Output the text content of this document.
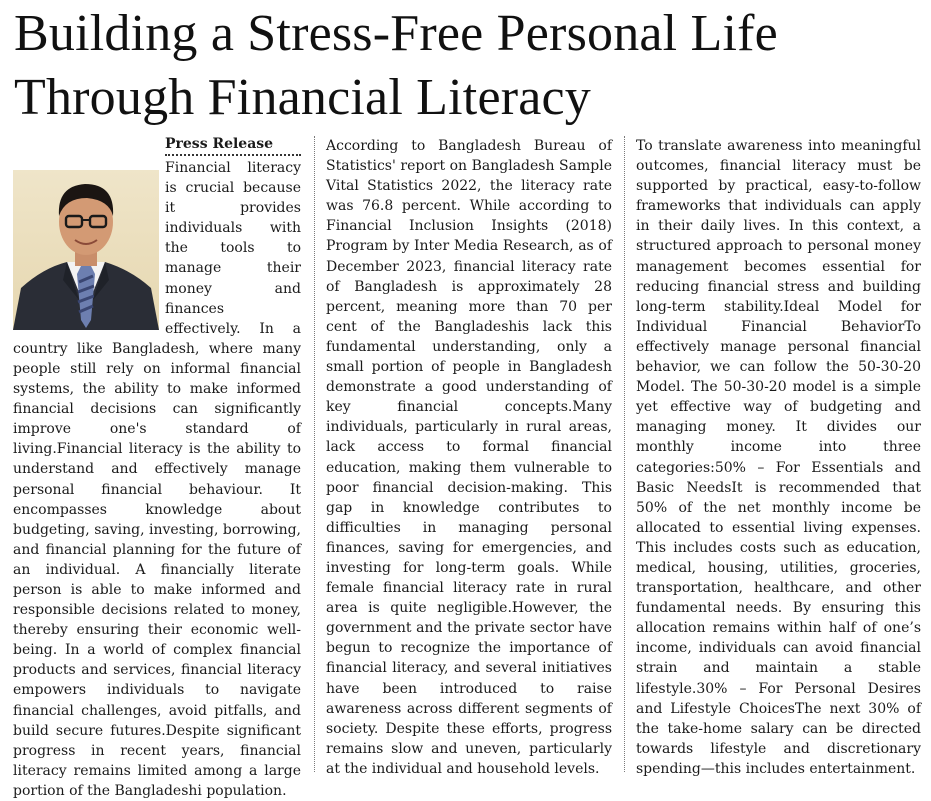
Building a Stress-Free Personal Life Through Financial Literacy
Press Release

Financial literacy is crucial because it provides individuals with the tools to manage their money and finances effectively. In a country like Bangladesh, where many people still rely on informal financial systems, the ability to make informed financial decisions can significantly improve one's standard of living.Financial literacy is the ability to understand and effectively manage personal financial behaviour. It encompasses knowledge about budgeting, saving, investing, borrowing, and financial planning for the future of an individual. A financially literate person is able to make informed and responsible decisions related to money, thereby ensuring their economic well-being. In a world of complex financial products and services, financial literacy empowers individuals to navigate financial challenges, avoid pitfalls, and build secure futures.Despite significant progress in recent years, financial literacy remains limited among a large portion of the Bangladeshi population.

According to Bangladesh Bureau of Statistics' report on Bangladesh Sample Vital Statistics 2022, the literacy rate was 76.8 percent. While according to Financial Inclusion Insights (2018) Program by Inter Media Research, as of December 2023, financial literacy rate of Bangladesh is approximately 28 percent, meaning more than 70 per cent of the Bangladeshis lack this fundamental understanding, only a small portion of people in Bangladesh demonstrate a good understanding of key financial concepts.Many individuals, particularly in rural areas, lack access to formal financial education, making them vulnerable to poor financial decision-making. This gap in knowledge contributes to difficulties in managing personal finances, saving for emergencies, and investing for long-term goals. While female financial literacy rate in rural area is quite negligible.However, the government and the private sector have begun to recognize the importance of financial literacy, and several initiatives have been introduced to raise awareness across different segments of society. Despite these efforts, progress remains slow and uneven, particularly at the individual and household levels.

To translate awareness into meaningful outcomes, financial literacy must be supported by practical, easy-to-follow frameworks that individuals can apply in their daily lives. In this context, a structured approach to personal money management becomes essential for reducing financial stress and building long-term stability.Ideal Model for Individual Financial BehaviorTo effectively manage personal financial behavior, we can follow the 50-30-20 Model. The 50-30-20 model is a simple yet effective way of budgeting and managing money. It divides our monthly income into three categories:50% – For Essentials and Basic NeedsIt is recommended that 50% of the net monthly income be allocated to essential living expenses. This includes costs such as education, medical, housing, utilities, groceries, transportation, healthcare, and other fundamental needs. By ensuring this allocation remains within half of one’s income, individuals can avoid financial strain and maintain a stable lifestyle.30% – For Personal Desires and Lifestyle ChoicesThe next 30% of the take-home salary can be directed towards lifestyle and discretionary spending—this includes entertainment.
